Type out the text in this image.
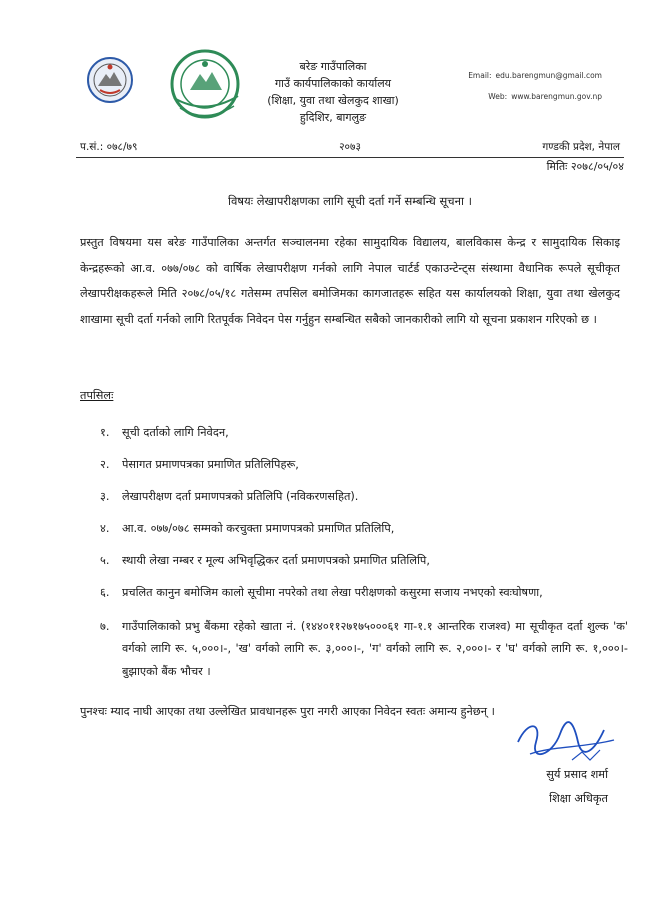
बरेङ गाउँपालिका
गाउँ कार्यपालिकाको कार्यालय
(शिक्षा, युवा तथा खेलकुद शाखा)
हुदिशिर, बागलुङ
Email: edu.barengmun@gmail.com
Web: www.barengmun.gov.np
२०७३
प.सं.: ०७८/७९	गण्डकी प्रदेश, नेपाल
मितिः २०७८/०५/०४
विषयः लेखापरीक्षणका लागि सूची दर्ता गर्ने सम्बन्धि सूचना ।
प्रस्तुत विषयमा यस बरेङ गाउँपालिका अन्तर्गत सञ्चालनमा रहेका सामुदायिक विद्यालय, बालविकास केन्द्र र सामुदायिक सिकाइ केन्द्रहरूको आ.व. ०७७/०७८ को वार्षिक लेखापरीक्षण गर्नको लागि नेपाल चार्टर्ड एकाउन्टेन्ट्स संस्थामा वैधानिक रूपले सूचीकृत लेखापरीक्षकहरूले मिति २०७८/०५/१८ गतेसम्म तपसिल बमोजिमका कागजातहरू सहित यस कार्यालयको शिक्षा, युवा तथा खेलकुद शाखामा सूची दर्ता गर्नको लागि रितपूर्वक निवेदन पेस गर्नुहुन सम्बन्धित सबैको जानकारीको लागि यो सूचना प्रकाशन गरिएको छ ।
तपसिलः
१. सूची दर्ताको लागि निवेदन,
२. पेसागत प्रमाणपत्रका प्रमाणित प्रतिलिपिहरू,
३. लेखापरीक्षण दर्ता प्रमाणपत्रको प्रतिलिपि (नविकरणसहित).
४. आ.व. ०७७/०७८ सम्मको करचुक्ता प्रमाणपत्रको प्रमाणित प्रतिलिपि,
५. स्थायी लेखा नम्बर र मूल्य अभिवृद्धिकर दर्ता प्रमाणपत्रको प्रमाणित प्रतिलिपि,
६. प्रचलित कानुन बमोजिम कालो सूचीमा नपरेको तथा लेखा परीक्षणको कसुरमा सजाय नभएको स्वःघोषणा,
७. गाउँपालिकाको प्रभु बैंकमा रहेको खाता नं. (१४४०११२७१७५०००६१ गा-१.१ आन्तरिक राजश्व) मा सूचीकृत दर्ता शुल्क 'क' वर्गको लागि रू. ५,०००।-, 'ख' वर्गको लागि रू. ३,०००।-, 'ग' वर्गको लागि रू. २,०००।- र 'घ' वर्गको लागि रू. १,०००।- बुझाएको बैंक भौचर ।
पुनश्चः म्याद नाघी आएका तथा उल्लेखित प्रावधानहरू पुरा नगरी आएका निवेदन स्वतः अमान्य हुनेछन् ।
सुर्य प्रसाद शर्मा
शिक्षा अधिकृत
